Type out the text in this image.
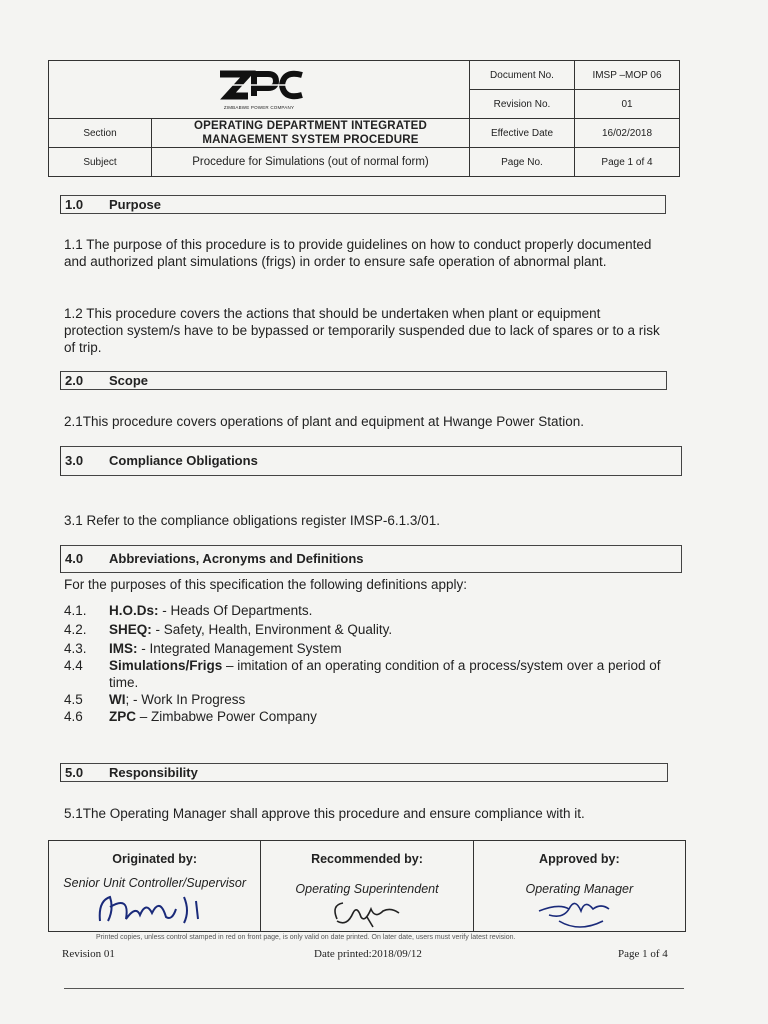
ZIMBABWE POWER COMPANY		Document No.	IMSP –MOP 06
		Revision No.	01
Section	OPERATING DEPARTMENT INTEGRATED MANAGEMENT SYSTEM PROCEDURE	Effective Date	16/02/2018
Subject	Procedure for Simulations (out of normal form)	Page No.	Page 1 of 4
1.0	Purpose

1.1 The purpose of this procedure is to provide guidelines on how to conduct properly documented and authorized plant simulations (frigs) in order to ensure safe operation of abnormal plant.

1.2 This procedure covers the actions that should be undertaken when plant or equipment protection system/s have to be bypassed or temporarily suspended due to lack of spares or to a risk of trip.

2.0	Scope

2.1This procedure covers operations of plant and equipment at Hwange Power Station.

3.0	Compliance Obligations

3.1 Refer to the compliance obligations register IMSP-6.1.3/01.

4.0	Abbreviations, Acronyms and Definitions

For the purposes of this specification the following definitions apply:

4.1. H.O.Ds: - Heads Of Departments.
4.2. SHEQ: - Safety, Health, Environment & Quality.
4.3. IMS: - Integrated Management System
4.4 Simulations/Frigs – imitation of an operating condition of a process/system over a period of time.
4.5 WI; - Work In Progress
4.6 ZPC – Zimbabwe Power Company
5.0	Responsibility

5.1The Operating Manager shall approve this procedure and ensure compliance with it.

Originated by:
Senior Unit Controller/Supervisor

Recommended by:
Operating Superintendent

Approved by:
Operating Manager
Printed copies, unless control stamped in red on front page, is only valid on date printed. On later date, users must verify latest revision.
Revision 01	Date printed:2018/09/12	Page 1 of 4
